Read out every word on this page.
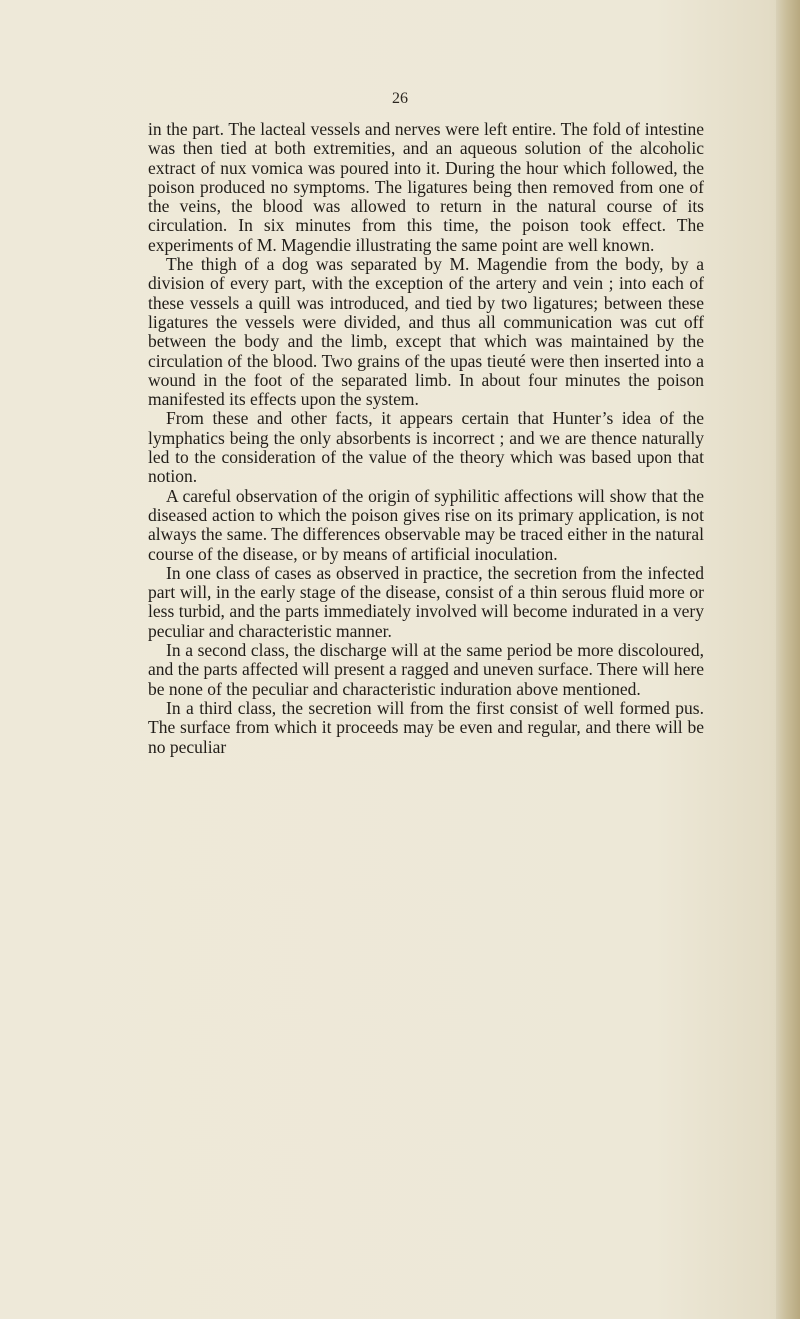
26

in the part. The lacteal vessels and nerves were left entire. The fold of intestine was then tied at both extremities, and an aqueous solution of the alcoholic extract of nux vomica was poured into it. During the hour which followed, the poison produced no symptoms. The ligatures being then removed from one of the veins, the blood was allowed to return in the natural course of its circulation. In six minutes from this time, the poison took effect. The experiments of M. Magendie illustrating the same point are well known.

The thigh of a dog was separated by M. Magendie from the body, by a division of every part, with the exception of the artery and vein ; into each of these vessels a quill was introduced, and tied by two ligatures; between these ligatures the vessels were divided, and thus all communication was cut off between the body and the limb, except that which was maintained by the circulation of the blood. Two grains of the upas tieuté were then inserted into a wound in the foot of the separated limb. In about four minutes the poison manifested its effects upon the system.

From these and other facts, it appears certain that Hunter’s idea of the lymphatics being the only absorbents is incorrect ; and we are thence naturally led to the consideration of the value of the theory which was based upon that notion.

A careful observation of the origin of syphilitic affections will show that the diseased action to which the poison gives rise on its primary application, is not always the same. The differences observable may be traced either in the natural course of the disease, or by means of artificial inoculation.

In one class of cases as observed in practice, the secretion from the infected part will, in the early stage of the disease, consist of a thin serous fluid more or less turbid, and the parts immediately involved will become indurated in a very peculiar and characteristic manner.

In a second class, the discharge will at the same period be more discoloured, and the parts affected will present a ragged and uneven surface. There will here be none of the peculiar and characteristic induration above mentioned.

In a third class, the secretion will from the first consist of well formed pus. The surface from which it proceeds may be even and regular, and there will be no peculiar
